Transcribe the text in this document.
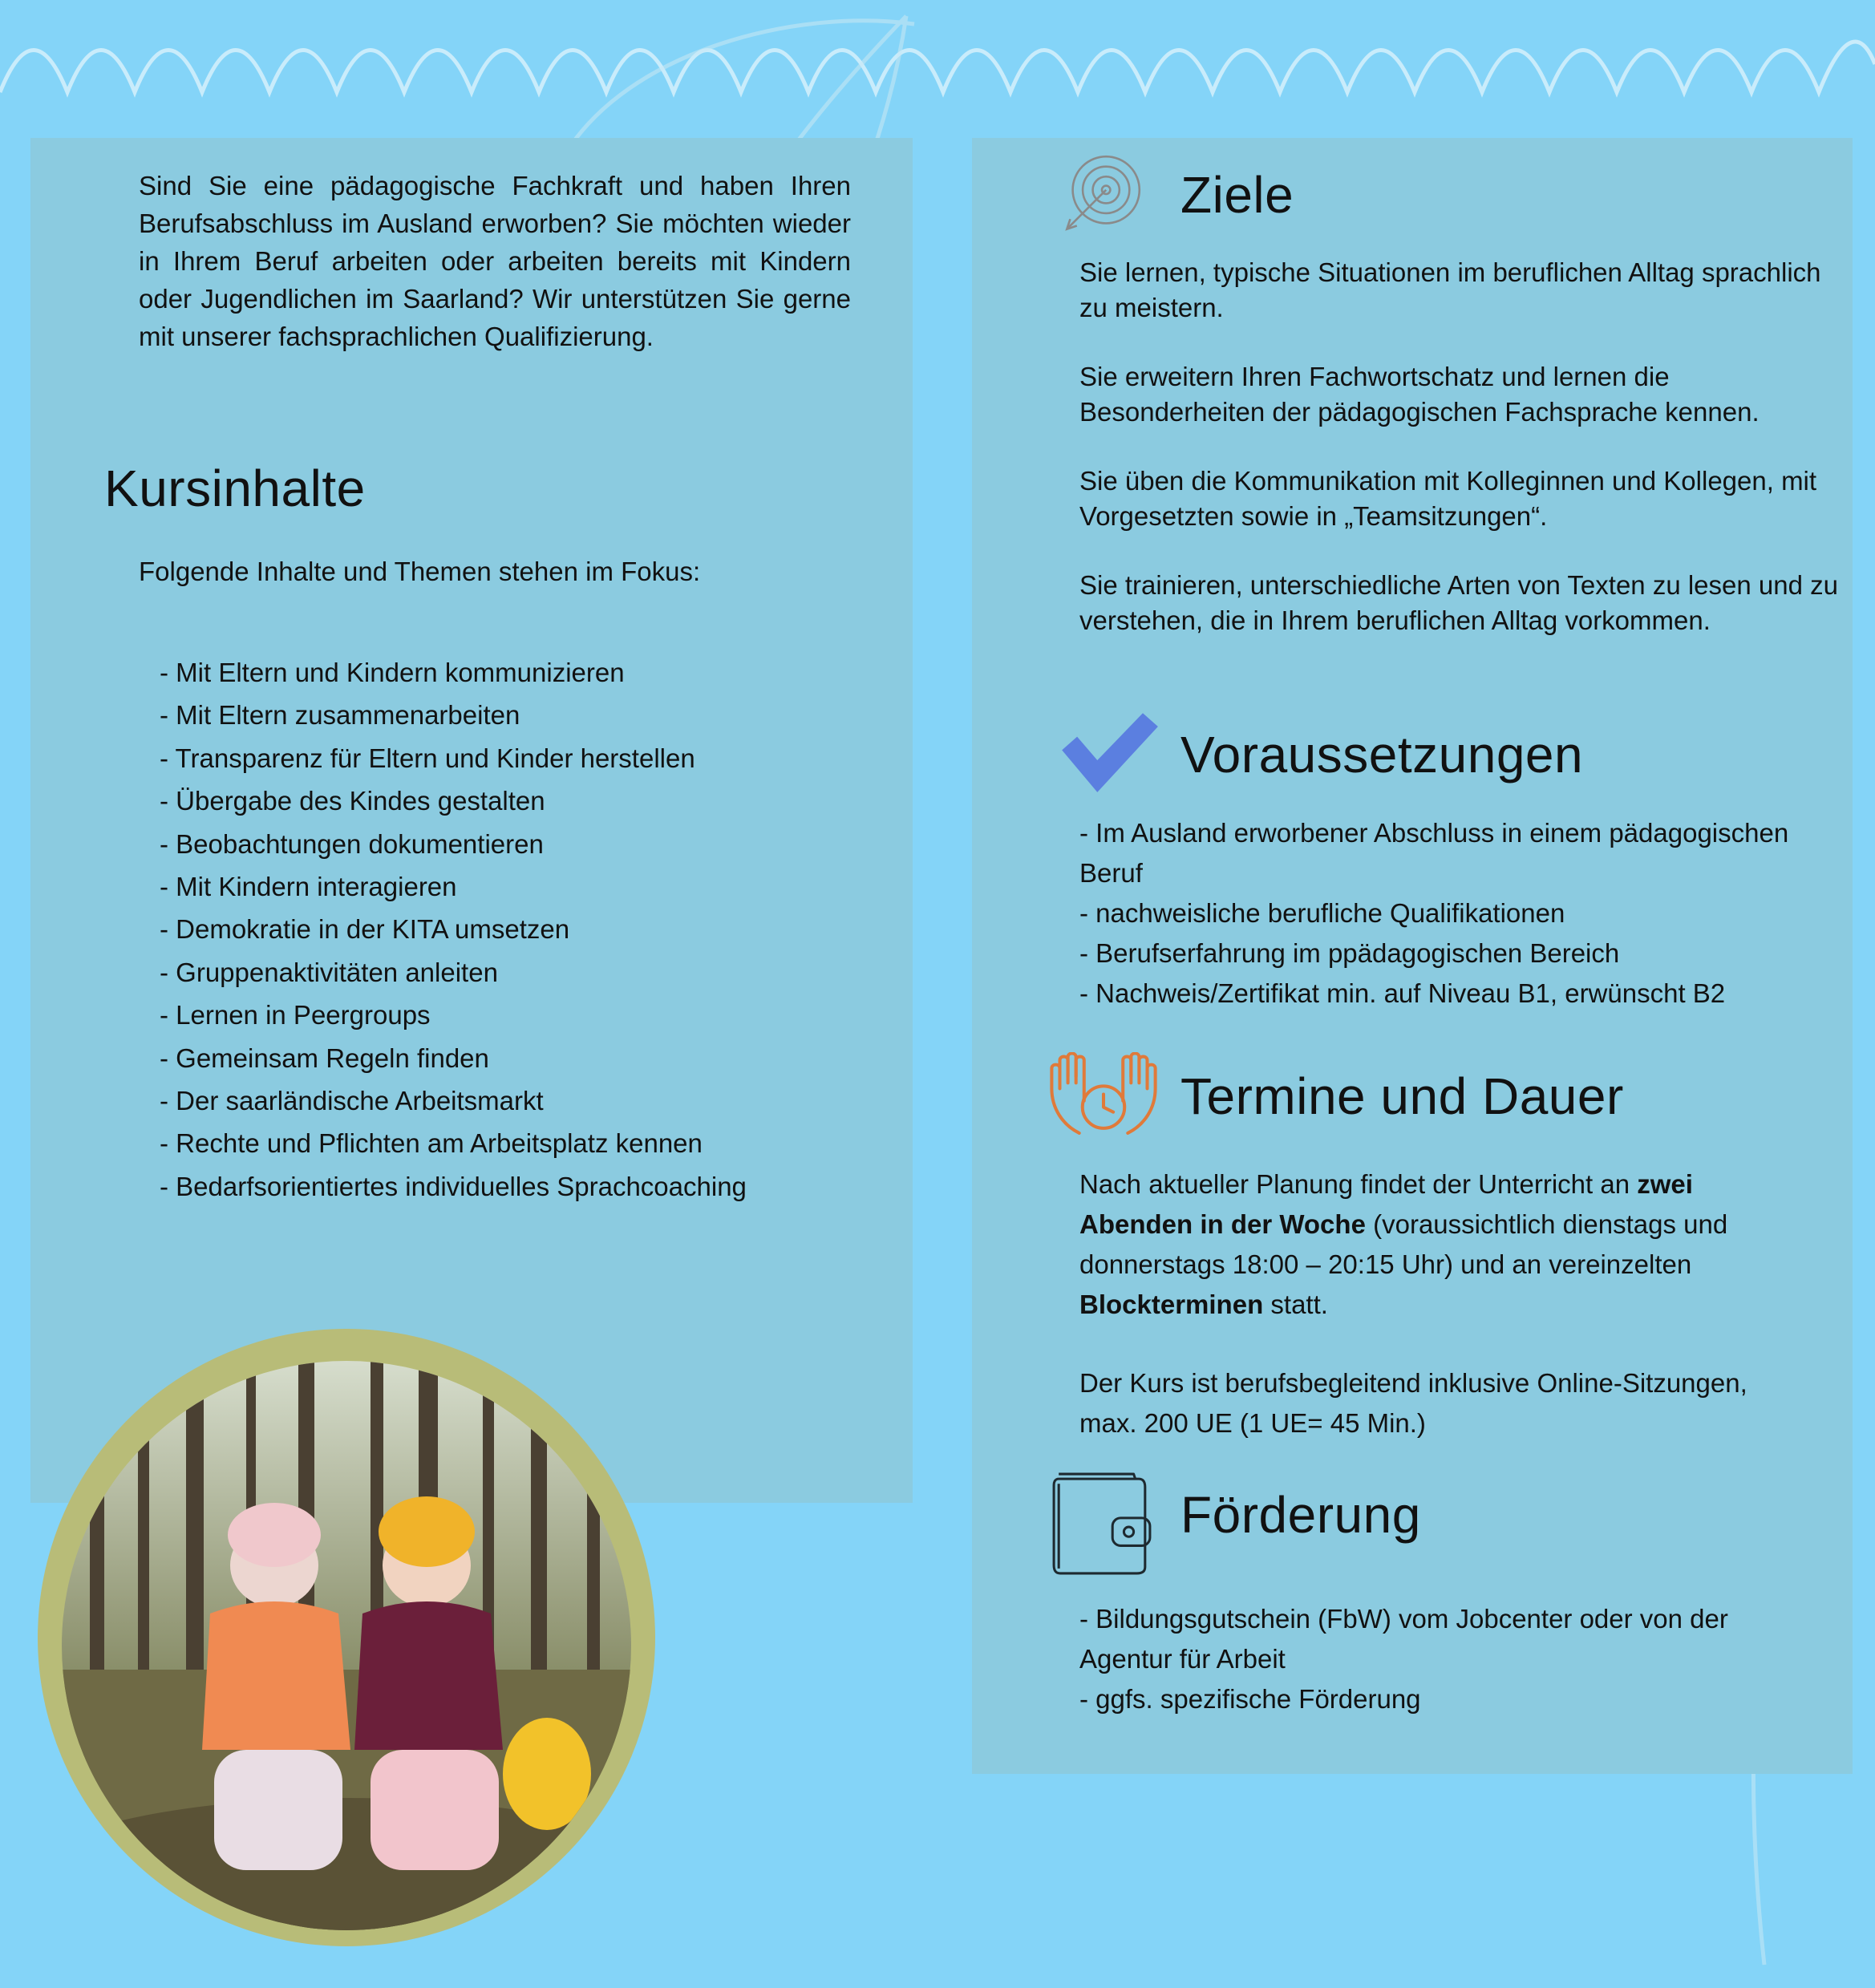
Sind Sie eine pädagogische Fachkraft und haben Ihren Berufsabschluss im Ausland erworben? Sie möchten wieder in Ihrem Beruf arbeiten oder arbeiten bereits mit Kindern oder Jugendlichen im Saarland? Wir unterstützen Sie gerne mit unserer fachsprachlichen Qualifizierung.

Kursinhalte

Folgende Inhalte und Themen stehen im Fokus:

- Mit Eltern und Kindern kommunizieren
- Mit Eltern zusammenarbeiten
- Transparenz für Eltern und Kinder herstellen
- Übergabe des Kindes gestalten
- Beobachtungen dokumentieren
- Mit Kindern interagieren
- Demokratie in der KITA umsetzen
- Gruppenaktivitäten anleiten
- Lernen in Peergroups
- Gemeinsam Regeln finden
- Der saarländische Arbeitsmarkt
- Rechte und Pflichten am Arbeitsplatz kennen
- Bedarfsorientiertes individuelles Sprachcoaching
Ziele

Sie lernen, typische Situationen im beruflichen Alltag sprachlich zu meistern.

Sie erweitern Ihren Fachwortschatz und lernen die Besonderheiten der pädagogischen Fachsprache kennen.

Sie üben die Kommunikation mit Kolleginnen und Kollegen, mit Vorgesetzten sowie in „Teamsitzungen“.

Sie trainieren, unterschiedliche Arten von Texten zu lesen und zu verstehen, die in Ihrem beruflichen Alltag vorkommen.

Voraussetzungen
- Im Ausland erworbener Abschluss in einem pädagogischen Beruf
- nachweisliche berufliche Qualifikationen
- Berufserfahrung im ppädagogischen Bereich
- Nachweis/Zertifikat min. auf Niveau B1, erwünscht B2
Termine und Dauer

Nach aktueller Planung findet der Unterricht an zwei Abenden in der Woche (voraussichtlich dienstags und donnerstags 18:00 – 20:15 Uhr) und an vereinzelten Blockterminen statt.

Der Kurs ist berufsbegleitend inklusive Online-Sitzungen, max. 200 UE (1 UE= 45 Min.)

Förderung
- Bildungsgutschein (FbW) vom Jobcenter oder von der Agentur für Arbeit
- ggfs. spezifische Förderung
